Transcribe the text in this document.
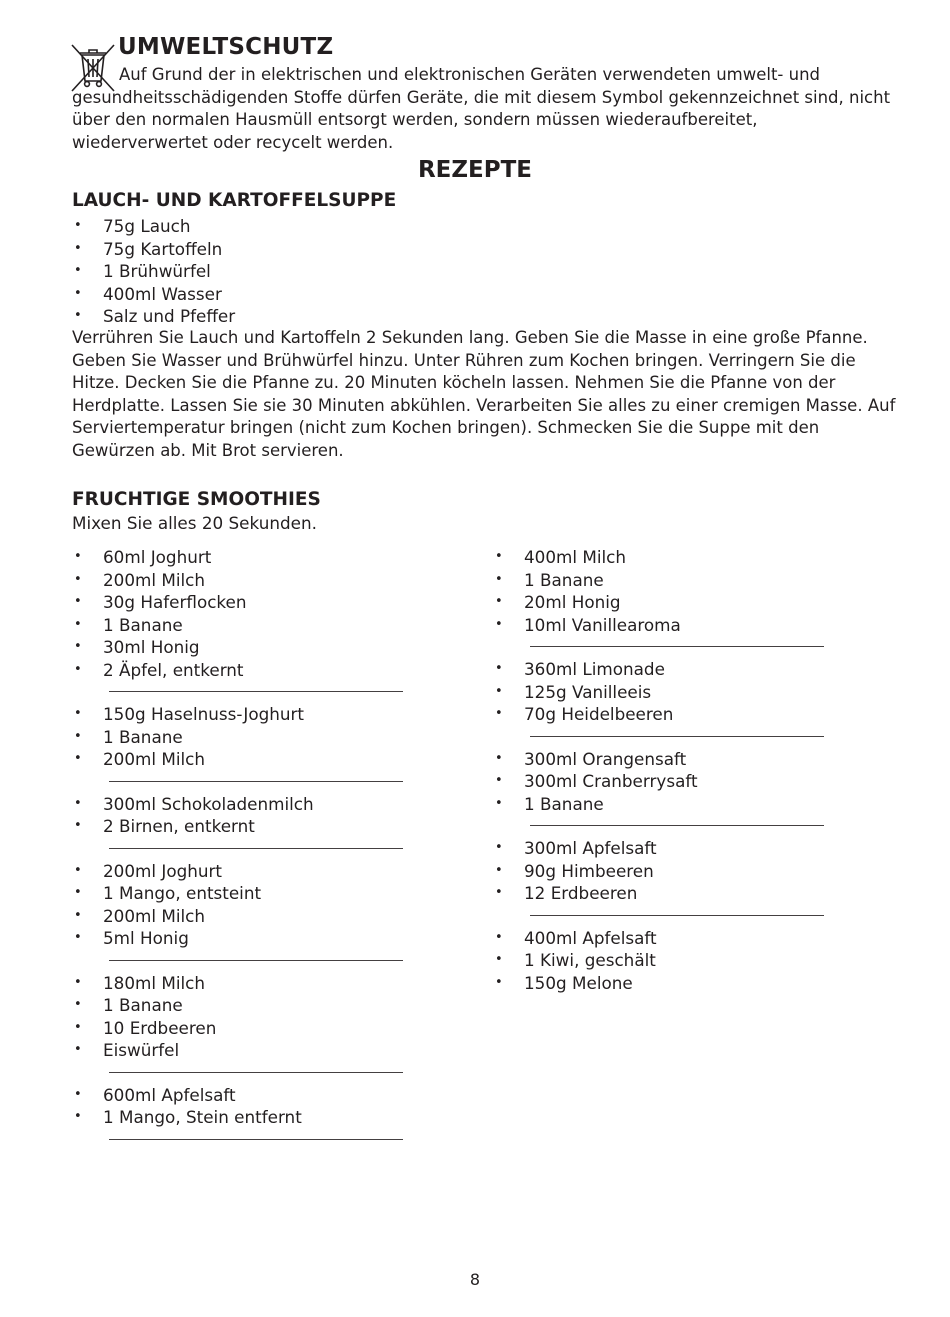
UMWELTSCHUTZ
Auf Grund der in elektrischen und elektronischen Geräten verwendeten umwelt- und gesundheitsschädigenden Stoffe dürfen Geräte, die mit diesem Symbol gekennzeichnet sind, nicht über den normalen Hausmüll entsorgt werden, sondern müssen wiederaufbereitet, wiederverwertet oder recycelt werden.
REZEPTE
LAUCH- UND KARTOFFELSUPPE
• 75g Lauch
• 75g Kartoffeln
• 1 Brühwürfel
• 400ml Wasser
• Salz und Pfeffer
Verrühren Sie Lauch und Kartoffeln 2 Sekunden lang. Geben Sie die Masse in eine große Pfanne. Geben Sie Wasser und Brühwürfel hinzu. Unter Rühren zum Kochen bringen. Verringern Sie die Hitze. Decken Sie die Pfanne zu. 20 Minuten köcheln lassen. Nehmen Sie die Pfanne von der Herdplatte. Lassen Sie sie 30 Minuten abkühlen. Verarbeiten Sie alles zu einer cremigen Masse. Auf Serviertemperatur bringen (nicht zum Kochen bringen). Schmecken Sie die Suppe mit den Gewürzen ab. Mit Brot servieren.
FRUCHTIGE SMOOTHIES
Mixen Sie alles 20 Sekunden.
• 60ml Joghurt
• 200ml Milch
• 30g Haferflocken
• 1 Banane
• 30ml Honig
• 2 Äpfel, entkernt
• 150g Haselnuss-Joghurt
• 1 Banane
• 200ml Milch
• 300ml Schokoladenmilch
• 2 Birnen, entkernt
• 200ml Joghurt
• 1 Mango, entsteint
• 200ml Milch
• 5ml Honig
• 180ml Milch
• 1 Banane
• 10 Erdbeeren
• Eiswürfel
• 600ml Apfelsaft
• 1 Mango, Stein entfernt
• 400ml Milch
• 1 Banane
• 20ml Honig
• 10ml Vanillearoma
• 360ml Limonade
• 125g Vanilleeis
• 70g Heidelbeeren
• 300ml Orangensaft
• 300ml Cranberrysaft
• 1 Banane
• 300ml Apfelsaft
• 90g Himbeeren
• 12 Erdbeeren
• 400ml Apfelsaft
• 1 Kiwi, geschält
• 150g Melone
8
